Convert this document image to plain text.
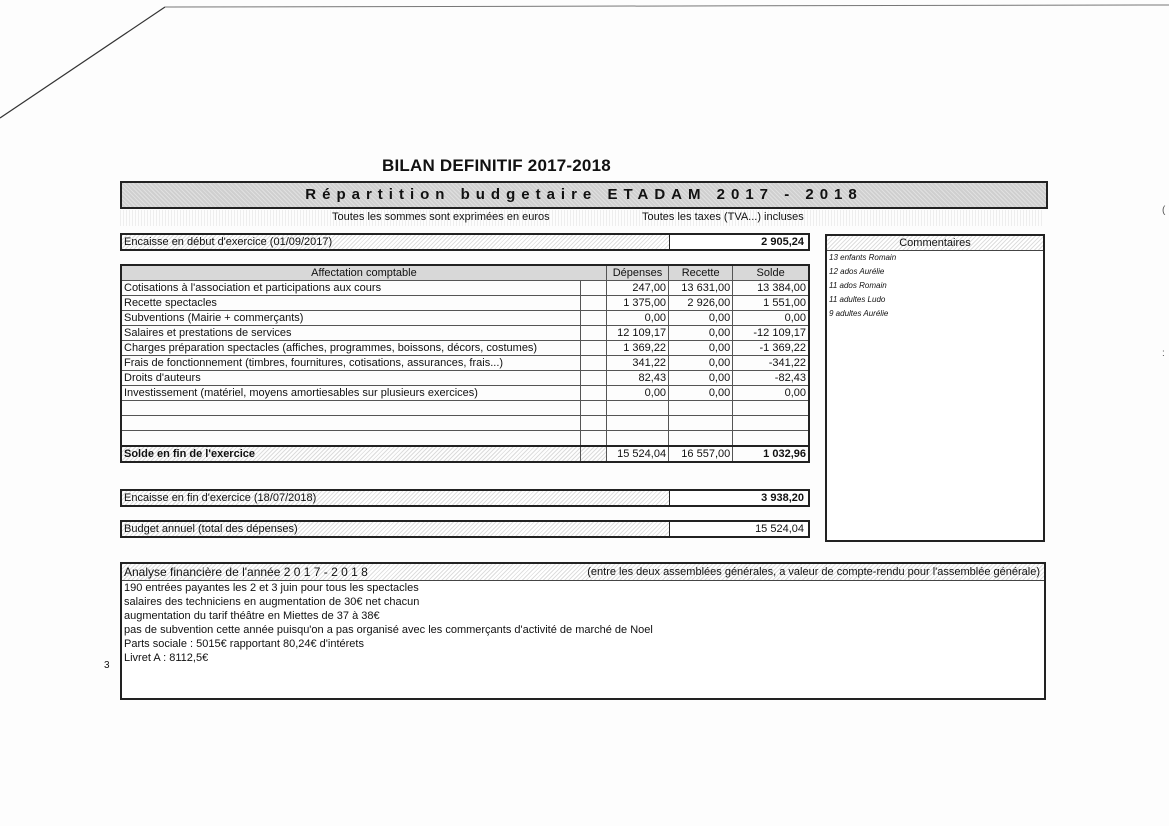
BILAN DEFINITIF 2017-2018
Répartition budgetaire ETADAM 2017 - 2018
Toutes les sommes sont exprimées en euros	Toutes les taxes (TVA...) incluses
Encaisse en début d'exercice (01/09/2017)	2 905,24
Affectation comptable		Dépenses	Recette	Solde
Cotisations à l'association et participations aux cours		247,00	13 631,00	13 384,00
Recette spectacles		1 375,00	2 926,00	1 551,00
Subventions (Mairie + commerçants)		0,00	0,00	0,00
Salaires et prestations de services		12 109,17	0,00	-12 109,17
Charges préparation spectacles (affiches, programmes, boissons, décors, costumes)		1 369,22	0,00	-1 369,22
Frais de fonctionnement (timbres, fournitures, cotisations, assurances, frais...)		341,22	0,00	-341,22
Droits d'auteurs		82,43	0,00	-82,43
Investissement (matériel, moyens amortiesables sur plusieurs exercices)		0,00	0,00	0,00

Solde en fin de l'exercice		15 524,04	16 557,00	1 032,96
Encaisse en fin d'exercice (18/07/2018)	3 938,20
Budget annuel (total des dépenses)	15 524,04
Commentaires
13 enfants Romain
12 ados Aurélie
11 ados Romain
11 adultes Ludo
9 adultes Aurélie
Analyse financière de l'année 2 0 1 7 - 2 0 1 8	(entre les deux assemblées générales, a valeur de compte-rendu pour l'assemblée générale)
190 entrées payantes les 2 et 3 juin pour tous les spectacles
salaires des techniciens en augmentation de 30€ net chacun
augmentation du tarif théâtre en Miettes de 37 à 38€
pas de subvention cette année puisqu'on a pas organisé avec les commerçants d'activité de marché de Noel
Parts sociale : 5015€ rapportant 80,24€ d'intérets
Livret A : 8112,5€
3
(
:
